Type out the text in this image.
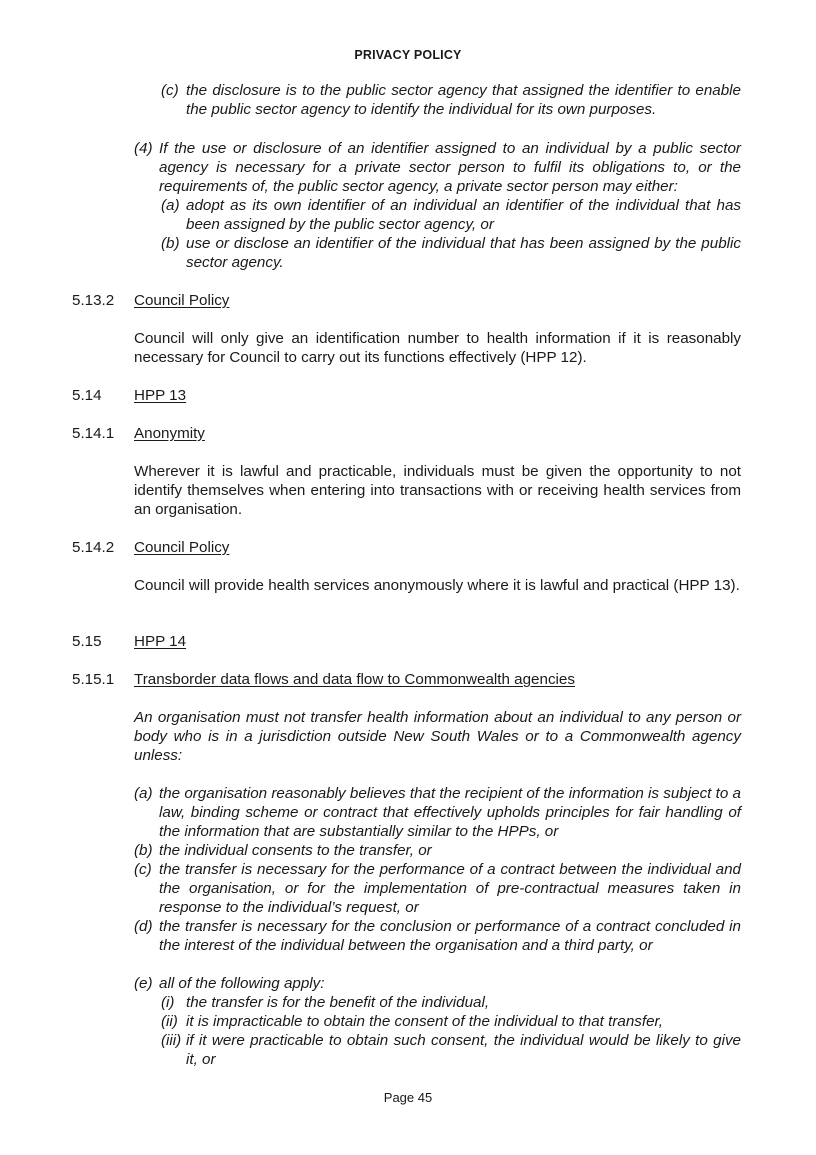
PRIVACY POLICY
(c) the disclosure is to the public sector agency that assigned the identifier to enable the public sector agency to identify the individual for its own purposes.
(4) If the use or disclosure of an identifier assigned to an individual by a public sector agency is necessary for a private sector person to fulfil its obligations to, or the requirements of, the public sector agency, a private sector person may either:
(a) adopt as its own identifier of an individual an identifier of the individual that has been assigned by the public sector agency, or
(b) use or disclose an identifier of the individual that has been assigned by the public sector agency.
5.13.2 Council Policy
Council will only give an identification number to health information if it is reasonably necessary for Council to carry out its functions effectively (HPP 12).
5.14 HPP 13
5.14.1 Anonymity
Wherever it is lawful and practicable, individuals must be given the opportunity to not identify themselves when entering into transactions with or receiving health services from an organisation.
5.14.2 Council Policy
Council will provide health services anonymously where it is lawful and practical (HPP 13).
5.15 HPP 14
5.15.1 Transborder data flows and data flow to Commonwealth agencies
An organisation must not transfer health information about an individual to any person or body who is in a jurisdiction outside New South Wales or to a Commonwealth agency unless:
(a) the organisation reasonably believes that the recipient of the information is subject to a law, binding scheme or contract that effectively upholds principles for fair handling of the information that are substantially similar to the HPPs, or
(b) the individual consents to the transfer, or
(c) the transfer is necessary for the performance of a contract between the individual and the organisation, or for the implementation of pre-contractual measures taken in response to the individual’s request, or
(d) the transfer is necessary for the conclusion or performance of a contract concluded in the interest of the individual between the organisation and a third party, or
(e) all of the following apply:
(i) the transfer is for the benefit of the individual,
(ii) it is impracticable to obtain the consent of the individual to that transfer,
(iii) if it were practicable to obtain such consent, the individual would be likely to give it, or
Page 45
